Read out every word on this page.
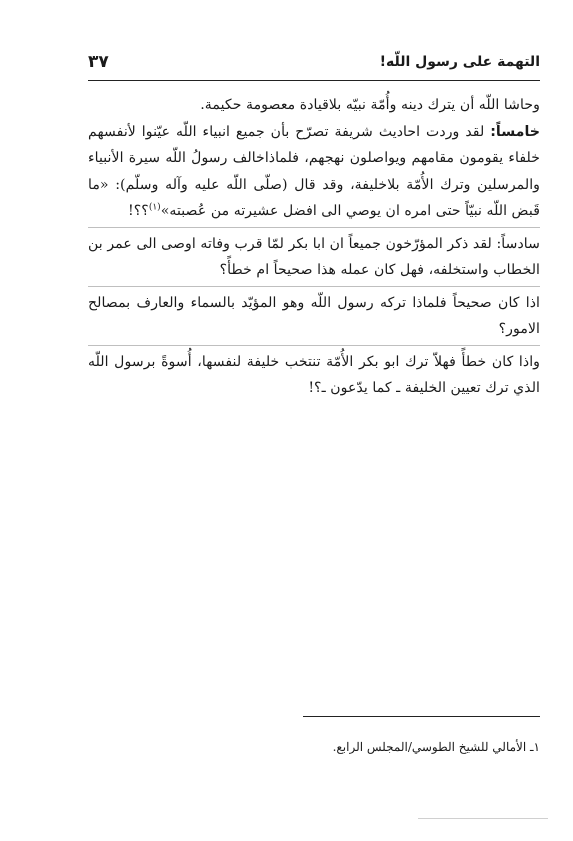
التهمة على رسول اللّه!
٣٧

وحاشا اللّه أن يترك دينه وأُمّة نبيّه بلاقيادة معصومة حكيمة.

خامساً: لقد وردت احاديث شريفة تصرّح بأن جميع انبياء اللّه عيّنوا لأنفسهم خلفاء يقومون مقامهم ويواصلون نهجهم، فلماذاخالف رسولُ اللّه سيرة الأنبياء والمرسلين وترك الأُمّة بلاخليفة، وقد قال (صلّى اللّه عليه وآله وسلّم): «ما قَبض اللّه نبيّاً حتى امره ان يوصي الى افضل عشيرته من عُصبته»$^{(١)}$؟؟!

سادساً: لقد ذكر المؤرّخون جميعاً ان ابا بكر لمّا قرب وفاته اوصى الى عمر بن الخطاب واستخلفه، فهل كان عمله هذا صحيحاً ام خطأً؟

اذا كان صحيحاً فلماذا تركه رسول اللّه وهو المؤيّد بالسماء والعارف بمصالح الامور؟

واذا كان خطأً فهلاّ ترك ابو بكر الأُمّة تنتخب خليفة لنفسها، أُسوةً برسول اللّه الذي ترك تعيين الخليفة ـ كما يدّعون ـ؟!

١ـ الأمالي للشيخ الطوسي/المجلس الرابع.
